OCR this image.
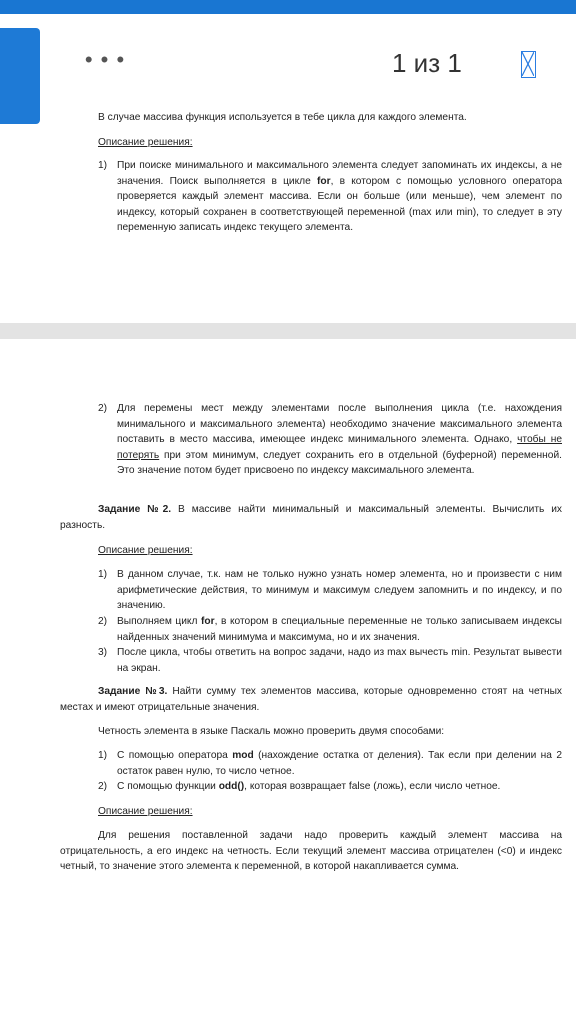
• • •	1 из 1
В случае массива функция используется в тебе цикла для каждого элемента.
Описание решения:
1) При поиске минимального и максимального элемента следует запоминать их индексы, а не значения. Поиск выполняется в цикле for, в котором с помощью условного оператора проверяется каждый элемент массива. Если он больше (или меньше), чем элемент по индексу, который сохранен в соответствующей переменной (max или min), то следует в эту переменную записать индекс текущего элемента.
2) Для перемены мест между элементами после выполнения цикла (т.е. нахождения минимального и максимального элемента) необходимо значение максимального элемента поставить в место массива, имеющее индекс минимального элемента. Однако, чтобы не потерять при этом минимум, следует сохранить его в отдельной (буферной) переменной. Это значение потом будет присвоено по индексу максимального элемента.
Задание №2. В массиве найти минимальный и максимальный элементы. Вычислить их разность.
Описание решения:
1) В данном случае, т.к. нам не только нужно узнать номер элемента, но и произвести с ним арифметические действия, то минимум и максимум следуем запомнить и по индексу, и по значению.
2) Выполняем цикл for, в котором в специальные переменные не только записываем индексы найденных значений минимума и максимума, но и их значения.
3) После цикла, чтобы ответить на вопрос задачи, надо из max вычесть min. Результат вывести на экран.
Задание №3. Найти сумму тех элементов массива, которые одновременно стоят на четных местах и имеют отрицательные значения.
Четность элемента в языке Паскаль можно проверить двумя способами:
1) С помощью оператора mod (нахождение остатка от деления). Так если при делении на 2 остаток равен нулю, то число четное.
2) С помощью функции odd(), которая возвращает false (ложь), если число четное.
Описание решения:
Для решения поставленной задачи надо проверить каждый элемент массива на отрицательность, а его индекс на четность. Если текущий элемент массива отрицателен (<0) и индекс четный, то значение этого элемента к переменной, в которой накапливается сумма.
